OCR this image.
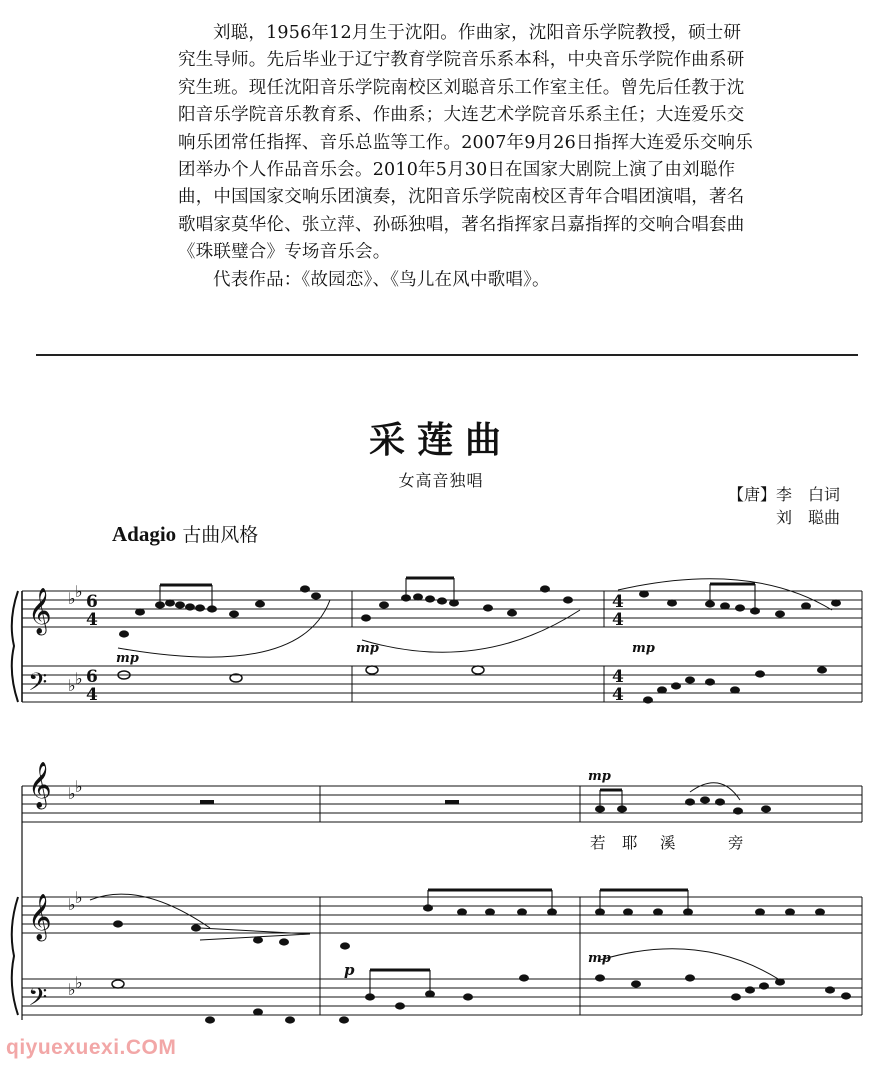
刘聪，1956年12月生于沈阳。作曲家，沈阳音乐学院教授，硕士研究生导师。先后毕业于辽宁教育学院音乐系本科，中央音乐学院作曲系研究生班。现任沈阳音乐学院南校区刘聪音乐工作室主任。曾先后任教于沈阳音乐学院音乐教育系、作曲系；大连艺术学院音乐系主任；大连爱乐交响乐团常任指挥、音乐总监等工作。2007年9月26日指挥大连爱乐交响乐团举办个人作品音乐会。2010年5月30日在国家大剧院上演了由刘聪作曲，中国国家交响乐团演奏，沈阳音乐学院南校区青年合唱团演唱，著名歌唱家莫华伦、张立萍、孙砾独唱，著名指挥家吕嘉指挥的交响合唱套曲《珠联璧合》专场音乐会。

代表作品：《故园恋》、《鸟儿在风中歌唱》。

采莲曲
女高音独唱
【唐】李　白词
刘　聪曲
Adagio 古曲风格
𝄞
𝄢
♭ ♭
♭ ♭
6
4
6
4
4
4
4
4
𝄞 ♭ ♭
𝄞 ♭ ♭
𝄢 ♭ ♭
mp
mp	mp
mp
p
mp
若 耶 溪	旁
qiyuexuexi.COM
